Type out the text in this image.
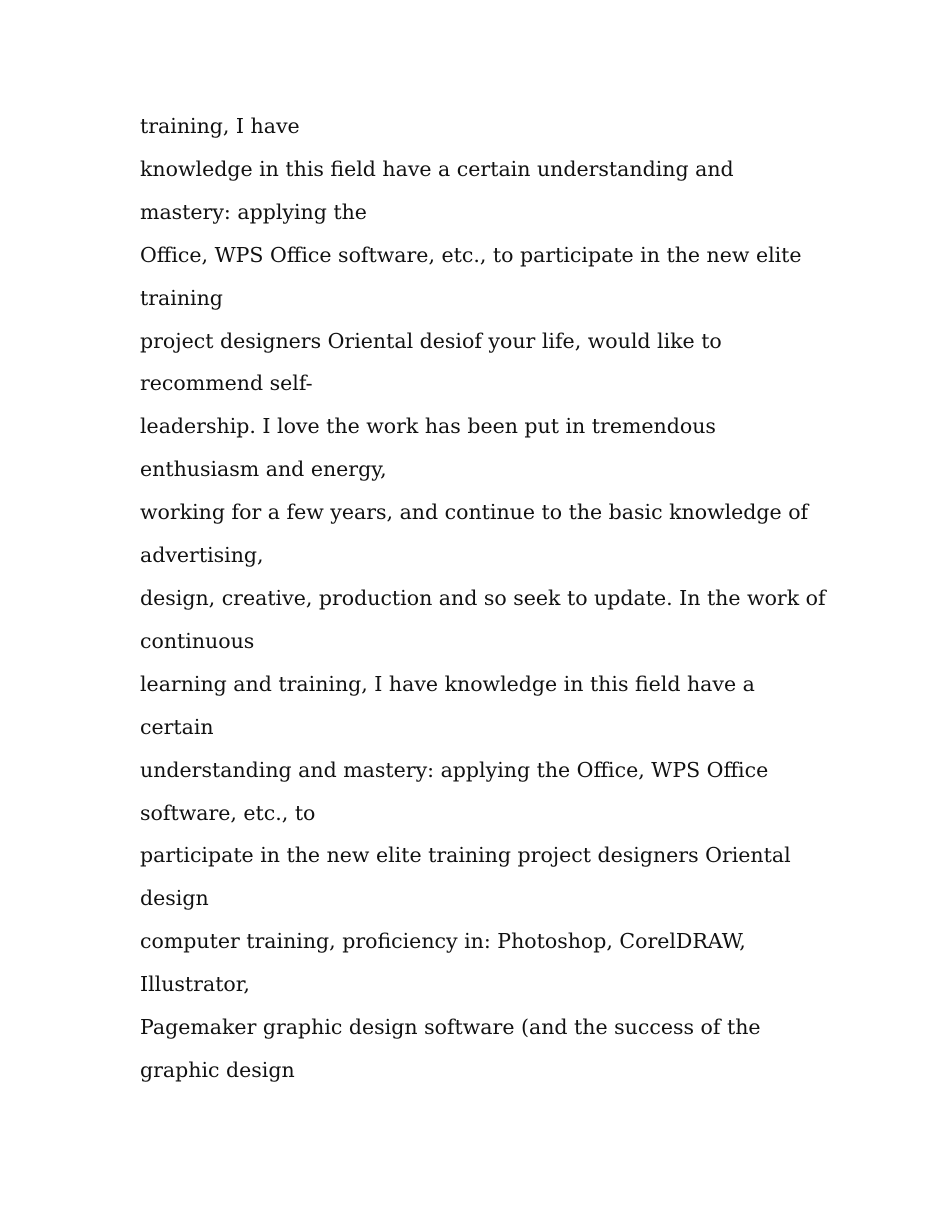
training, I have
knowledge in this field have a certain understanding and
mastery: applying the
Office, WPS Office software, etc., to participate in the new elite
training
project designers Oriental desiof your life, would like to
recommend self-
leadership. I love the work has been put in tremendous
enthusiasm and energy,
working for a few years, and continue to the basic knowledge of
advertising,
design, creative, production and so seek to update. In the work of
continuous
learning and training, I have knowledge in this field have a
certain
understanding and mastery: applying the Office, WPS Office
software, etc., to
participate in the new elite training project designers Oriental
design
computer training, proficiency in: Photoshop, CorelDRAW,
Illustrator,
Pagemaker graphic design software (and the success of the
graphic design
